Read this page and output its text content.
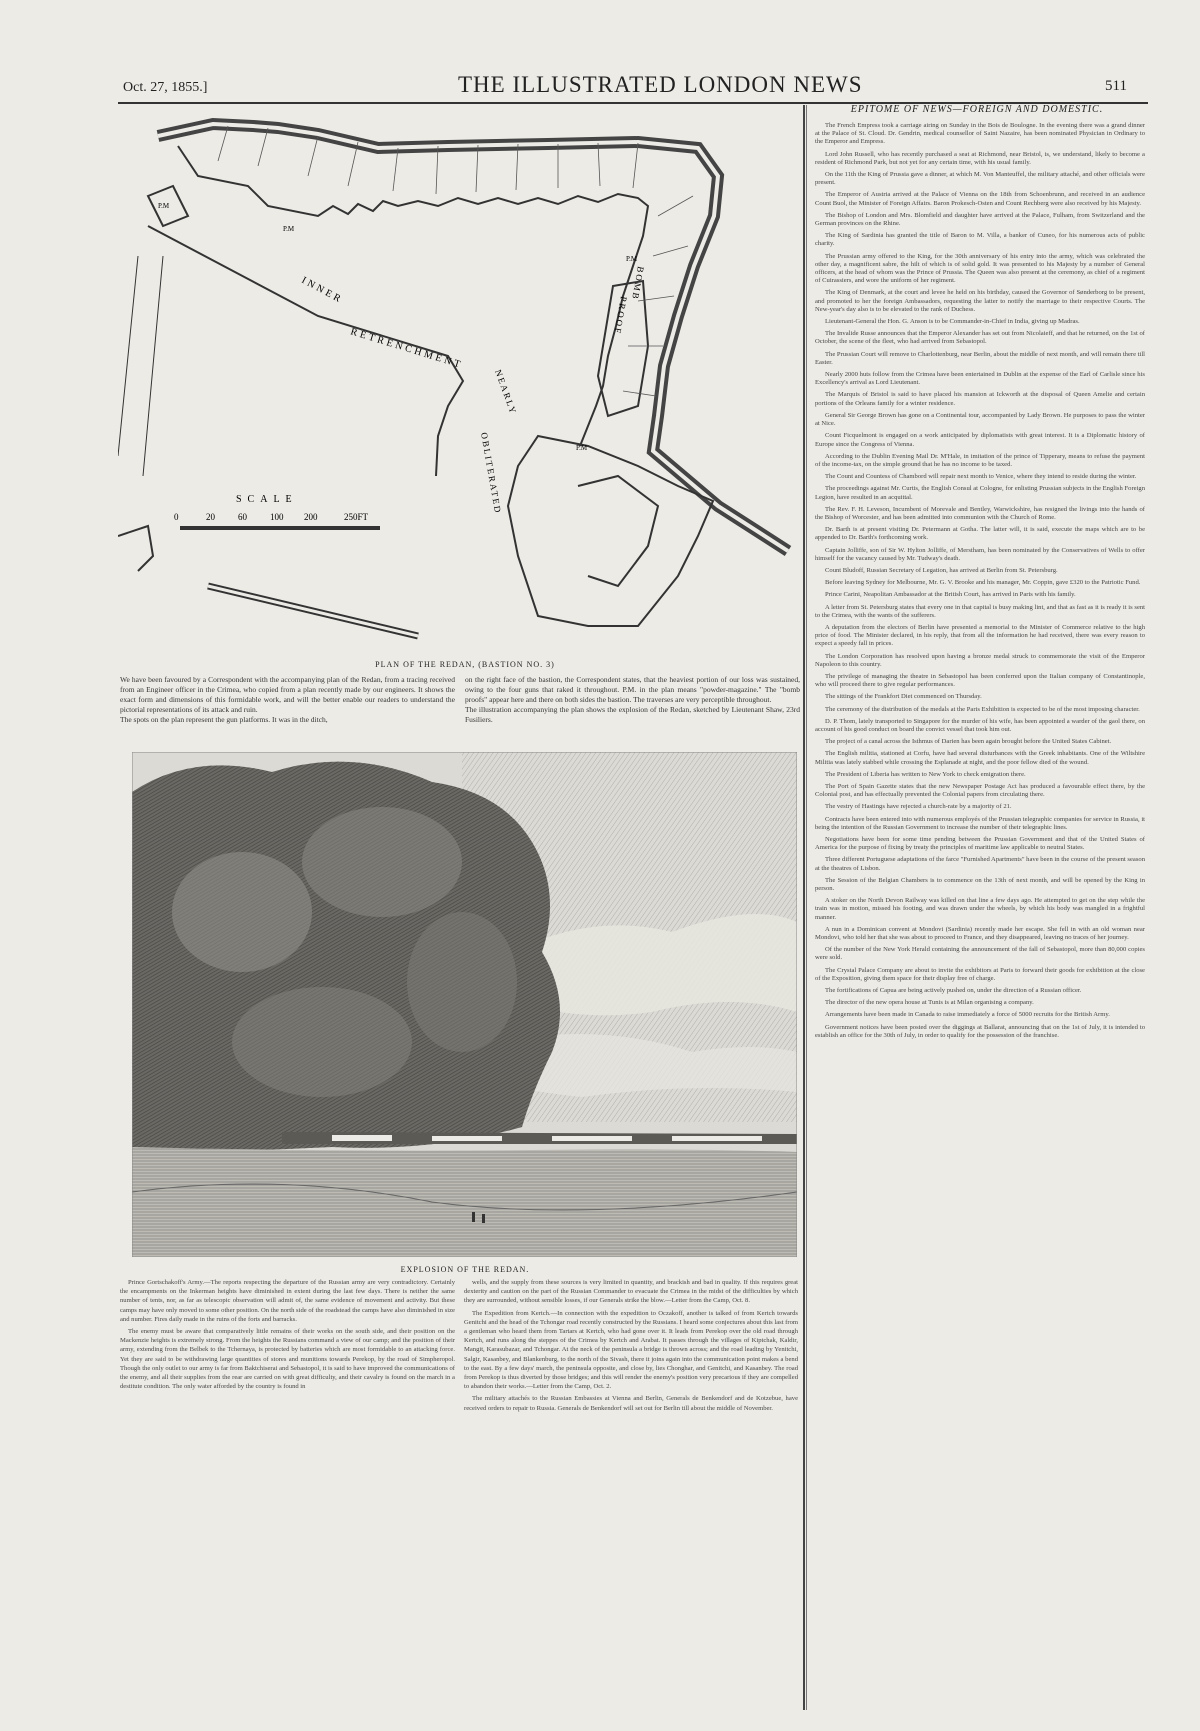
Oct. 27, 1855.]	THE ILLUSTRATED LONDON NEWS	511
INNER
RETRENCHMENT
NEARLY
OBLITERATED
BOMB
PROOF
SCALE
0	20	60	100 200	250FT
P.M
P.M
P.M
P.M
PLAN OF THE REDAN, (BASTION NO. 3)
We have been favoured by a Correspondent with the accompanying plan of the Redan, from a tracing received from an Engineer officer in the Crimea, who copied from a plan recently made by our engineers. It shows the exact form and dimensions of this formidable work, and will the better enable our readers to understand the pictorial representations of its attack and ruin.
The spots on the plan represent the gun platforms. It was in the ditch,
on the right face of the bastion, the Correspondent states, that the heaviest portion of our loss was sustained, owing to the four guns that raked it throughout. P.M. in the plan means "powder-magazine." The "bomb proofs" appear here and there on both sides the bastion. The traverses are very perceptible throughout.
The illustration accompanying the plan shows the explosion of the Redan, sketched by Lieutenant Shaw, 23rd Fusiliers.
EXPLOSION OF THE REDAN.

Prince Gortschakoff's Army.—The reports respecting the departure of the Russian army are very contradictory. Certainly the encampments on the Inkerman heights have diminished in extent during the last few days. There is neither the same number of tents, nor, as far as telescopic observation will admit of, the same evidence of movement and activity. But these camps may have only moved to some other position. On the north side of the roadstead the camps have also diminished in size and number. Fires daily made in the ruins of the forts and barracks.

The enemy must be aware that comparatively little remains of their works on the south side, and their position on the Mackenzie heights is extremely strong. From the heights the Russians command a view of our camp; and the position of their army, extending from the Belbek to the Tchernaya, is protected by batteries which are most formidable to an attacking force. Yet they are said to be withdrawing large quantities of stores and munitions towards Perekop, by the road of Simpheropol. Though the only outlet to our army is far from Baktchiserai and Sebastopol, it is said to have improved the communications of the enemy, and all their supplies from the rear are carried on with great difficulty, and their cavalry is found on the march in a destitute condition. The only water afforded by the country is found in

wells, and the supply from these sources is very limited in quantity, and brackish and bad in quality. If this requires great dexterity and caution on the part of the Russian Commander to evacuate the Crimea in the midst of the difficulties by which they are surrounded, without sensible losses, if our Generals strike the blow.—Letter from the Camp, Oct. 8.

The Expedition from Kertch.—In connection with the expedition to Oczakoff, another is talked of from Kertch towards Genitchi and the head of the Tchongar road recently constructed by the Russians. I heard some conjectures about this last from a gentleman who heard them from Tartars at Kertch, who had gone over it. It leads from Perekop over the old road through Kertch, and runs along the steppes of the Crimea by Kertch and Arabat. It passes through the villages of Kiptchak, Kaldir, Mangit, Karasubazar, and Tchongar. At the neck of the peninsula a bridge is thrown across; and the road leading by Yenitchi, Salgir, Kasanbey, and Blankenburg, to the north of the Sivash, there it joins again into the communication point makes a bend to the east. By a few days' march, the peninsula opposite, and close by, lies Chonghar, and Genitchi, and Kasanbey. The road from Perekop is thus diverted by those bridges; and this will render the enemy's position very precarious if they are compelled to abandon their works.—Letter from the Camp, Oct. 2.

The military attachés to the Russian Embassies at Vienna and Berlin, Generals de Benkendorf and de Kotzebue, have received orders to repair to Russia. Generals de Benkendorf will set out for Berlin till about the middle of November.

EPITOME OF NEWS—FOREIGN AND DOMESTIC.

The French Empress took a carriage airing on Sunday in the Bois de Boulogne. In the evening there was a grand dinner at the Palace of St. Cloud. Dr. Gendrin, medical counsellor of Saint Nazaire, has been nominated Physician in Ordinary to the Emperor and Empress.

Lord John Russell, who has recently purchased a seat at Richmond, near Bristol, is, we understand, likely to become a resident of Richmond Park, but not yet for any certain time, with his usual family.

On the 11th the King of Prussia gave a dinner, at which M. Von Manteuffel, the military attaché, and other officials were present.

The Emperor of Austria arrived at the Palace of Vienna on the 18th from Schoenbrunn, and received in an audience Count Buol, the Minister of Foreign Affairs. Baron Prokesch-Osten and Count Rechberg were also received by his Majesty.

The Bishop of London and Mrs. Blomfield and daughter have arrived at the Palace, Fulham, from Switzerland and the German provinces on the Rhine.

The King of Sardinia has granted the title of Baron to M. Villa, a banker of Cuneo, for his numerous acts of public charity.

The Prussian army offered to the King, for the 30th anniversary of his entry into the army, which was celebrated the other day, a magnificent sabre, the hilt of which is of solid gold. It was presented to his Majesty by a number of General officers, at the head of whom was the Prince of Prussia. The Queen was also present at the ceremony, as chief of a regiment of Cuirassiers, and wore the uniform of her regiment.

The King of Denmark, at the court and levee he held on his birthday, caused the Governor of Sønderborg to be present, and promoted to her the foreign Ambassadors, requesting the latter to notify the marriage to their respective Courts. The New-year's day also is to be elevated to the rank of Duchess.

Lieutenant-General the Hon. G. Anson is to be Commander-in-Chief in India, giving up Madras.

The Invalide Russe announces that the Emperor Alexander has set out from Nicolaieff, and that he returned, on the 1st of October, the scene of the fleet, who had arrived from Sebastopol.

The Prussian Court will remove to Charlottenburg, near Berlin, about the middle of next month, and will remain there till Easter.

Nearly 2000 huts follow from the Crimea have been entertained in Dublin at the expense of the Earl of Carlisle since his Excellency's arrival as Lord Lieutenant.

The Marquis of Bristol is said to have placed his mansion at Ickworth at the disposal of Queen Amelie and certain portions of the Orleans family for a winter residence.

General Sir George Brown has gone on a Continental tour, accompanied by Lady Brown. He purposes to pass the winter at Nice.

Count Ficquelmont is engaged on a work anticipated by diplomatists with great interest. It is a Diplomatic history of Europe since the Congress of Vienna.

According to the Dublin Evening Mail Dr. M'Hale, in imitation of the prince of Tipperary, means to refuse the payment of the income-tax, on the simple ground that he has no income to be taxed.

The Count and Countess of Chambord will repair next month to Venice, where they intend to reside during the winter.

The proceedings against Mr. Curtis, the English Consul at Cologne, for enlisting Prussian subjects in the English Foreign Legion, have resulted in an acquittal.

The Rev. F. H. Leveson, Incumbent of Morevale and Bentley, Warwickshire, has resigned the livings into the hands of the Bishop of Worcester, and has been admitted into communion with the Church of Rome.

Dr. Barth is at present visiting Dr. Petermann at Gotha. The latter will, it is said, execute the maps which are to be appended to Dr. Barth's forthcoming work.

Captain Jolliffe, son of Sir W. Hylton Jolliffe, of Merstham, has been nominated by the Conservatives of Wells to offer himself for the vacancy caused by Mr. Tudway's death.

Count Bludoff, Russian Secretary of Legation, has arrived at Berlin from St. Petersburg.

Before leaving Sydney for Melbourne, Mr. G. V. Brooke and his manager, Mr. Coppin, gave £320 to the Patriotic Fund.

Prince Carini, Neapolitan Ambassador at the British Court, has arrived in Paris with his family.

A letter from St. Petersburg states that every one in that capital is busy making lint, and that as fast as it is ready it is sent to the Crimea, with the wants of the sufferers.

A deputation from the electors of Berlin have presented a memorial to the Minister of Commerce relative to the high price of food. The Minister declared, in his reply, that from all the information he had received, there was every reason to expect a speedy fall in prices.

The London Corporation has resolved upon having a bronze medal struck to commemorate the visit of the Emperor Napoleon to this country.

The privilege of managing the theatre in Sebastopol has been conferred upon the Italian company of Constantinople, who will proceed there to give regular performances.

The sittings of the Frankfort Diet commenced on Thursday.

The ceremony of the distribution of the medals at the Paris Exhibition is expected to be of the most imposing character.

D. P. Thom, lately transported to Singapore for the murder of his wife, has been appointed a warder of the gaol there, on account of his good conduct on board the convict vessel that took him out.

The project of a canal across the Isthmus of Darien has been again brought before the United States Cabinet.

The English militia, stationed at Corfu, have had several disturbances with the Greek inhabitants. One of the Wiltshire Militia was lately stabbed while crossing the Esplanade at night, and the poor fellow died of the wound.

The President of Liberia has written to New York to check emigration there.

The Port of Spain Gazette states that the new Newspaper Postage Act has produced a favourable effect there, by the Colonial post, and has effectually prevented the Colonial papers from circulating there.

The vestry of Hastings have rejected a church-rate by a majority of 21.

Contracts have been entered into with numerous employés of the Prussian telegraphic companies for service in Russia, it being the intention of the Russian Government to increase the number of their telegraphic lines.

Negotiations have been for some time pending between the Prussian Government and that of the United States of America for the purpose of fixing by treaty the principles of maritime law applicable to neutral States.

Three different Portuguese adaptations of the farce "Furnished Apartments" have been in the course of the present season at the theatres of Lisbon.

The Session of the Belgian Chambers is to commence on the 13th of next month, and will be opened by the King in person.

A stoker on the North Devon Railway was killed on that line a few days ago. He attempted to get on the step while the train was in motion, missed his footing, and was drawn under the wheels, by which his body was mangled in a frightful manner.

A nun in a Dominican convent at Mondovi (Sardinia) recently made her escape. She fell in with an old woman near Mondovi, who told her that she was about to proceed to France, and they disappeared, leaving no traces of her journey.

Of the number of the New York Herald containing the announcement of the fall of Sebastopol, more than 80,000 copies were sold.

The Crystal Palace Company are about to invite the exhibitors at Paris to forward their goods for exhibition at the close of the Exposition, giving them space for their display free of charge.

The fortifications of Capua are being actively pushed on, under the direction of a Russian officer.

The director of the new opera house at Tunis is at Milan organising a company.

Arrangements have been made in Canada to raise immediately a force of 5000 recruits for the British Army.

Government notices have been posted over the diggings at Ballarat, announcing that on the 1st of July, it is intended to establish an office for the 30th of July, in order to qualify for the possession of the franchise.
